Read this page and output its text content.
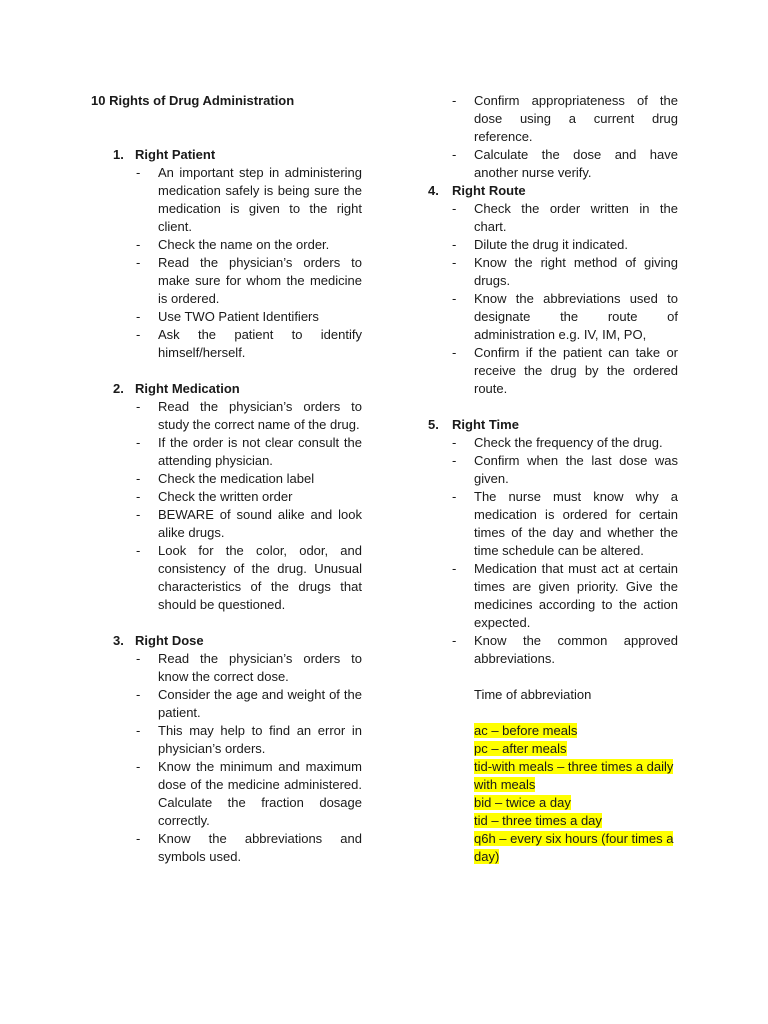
10 Rights of Drug Administration
1. Right Patient
-	An important step in administering medication safely is being sure the medication is given to the right client.
-	Check the name on the order.
-	Read the physician’s orders to make sure for whom the medicine is ordered.
-	Use TWO Patient Identifiers
-	Ask the patient to identify himself/herself.
2. Right Medication
-	Read the physician’s orders to study the correct name of the drug.
-	If the order is not clear consult the attending physician.
-	Check the medication label
-	Check the written order
-	BEWARE of sound alike and look alike drugs.
-	Look for the color, odor, and consistency of the drug. Unusual characteristics of the drugs that should be questioned.
3. Right Dose
-	Read the physician’s orders to know the correct dose.
-	Consider the age and weight of the patient.
-	This may help to find an error in physician’s orders.
-	Know the minimum and maximum dose of the medicine administered. Calculate the fraction dosage correctly.
-	Know the abbreviations and symbols used.
-	Confirm appropriateness of the dose using a current drug reference.
-	Calculate the dose and have another nurse verify.
4.	Right Route
-	Check the order written in the chart.
-	Dilute the drug it indicated.
-	Know the right method of giving drugs.
-	Know the abbreviations used to designate the route of administration e.g. IV, IM, PO,
-	Confirm if the patient can take or receive the drug by the ordered route.
5.	Right Time
-	Check the frequency of the drug.
-	Confirm when the last dose was given.
-	The nurse must know why a medication is ordered for certain times of the day and whether the time schedule can be altered.
-	Medication that must act at certain times are given priority. Give the medicines according to the action expected.
-	Know the common approved abbreviations.
Time of abbreviation
ac – before meals
pc – after meals
tid-with meals – three times a daily with meals
bid – twice a day
tid – three times a day
q6h – every six hours (four times a day)
